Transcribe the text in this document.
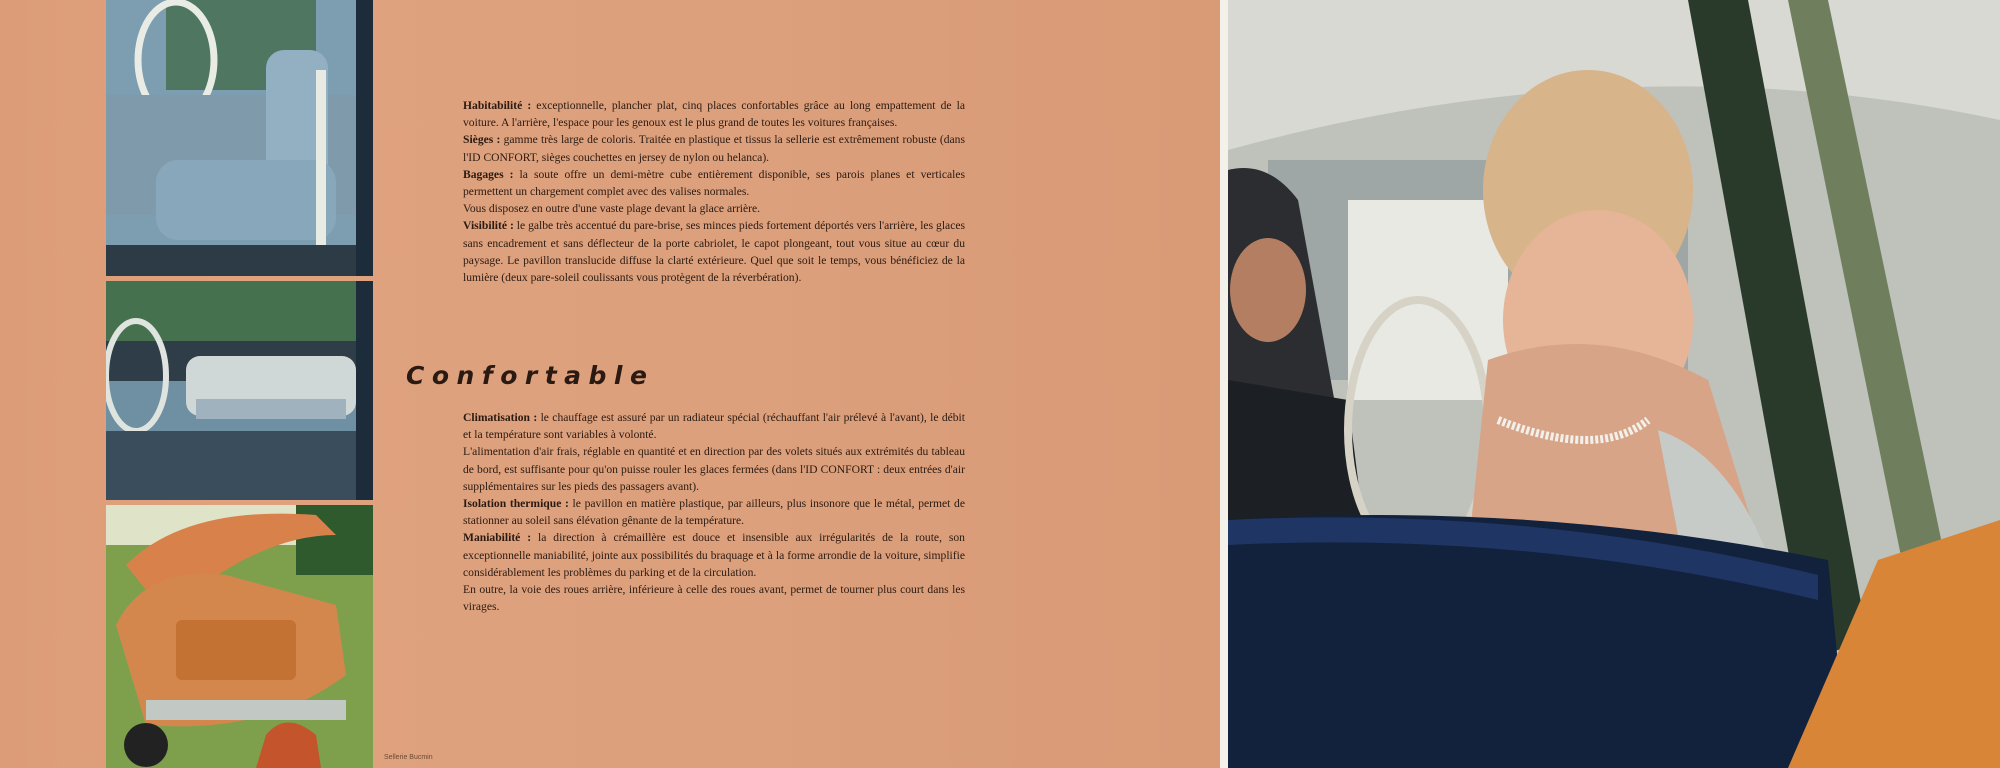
Sellerie Bucmin

Habitabilité : exceptionnelle, plancher plat, cinq places confortables grâce au long empattement de la voiture. A l'arrière, l'espace pour les genoux est le plus grand de toutes les voitures françaises.

Sièges : gamme très large de coloris. Traitée en plastique et tissus la sellerie est extrêmement robuste (dans l'ID CONFORT, sièges couchettes en jersey de nylon ou helanca).

Bagages : la soute offre un demi-mètre cube entièrement disponible, ses parois planes et verticales permettent un chargement complet avec des valises normales.

Vous disposez en outre d'une vaste plage devant la glace arrière.

Visibilité : le galbe très accentué du pare-brise, ses minces pieds fortement déportés vers l'arrière, les glaces sans encadrement et sans déflecteur de la porte cabriolet, le capot plongeant, tout vous situe au cœur du paysage. Le pavillon translucide diffuse la clarté extérieure. Quel que soit le temps, vous bénéficiez de la lumière (deux pare-soleil coulissants vous protègent de la réverbération).

Confortable

Climatisation : le chauffage est assuré par un radiateur spécial (réchauffant l'air prélevé à l'avant), le débit et la température sont variables à volonté.

L'alimentation d'air frais, réglable en quantité et en direction par des volets situés aux extrémités du tableau de bord, est suffisante pour qu'on puisse rouler les glaces fermées (dans l'ID CONFORT : deux entrées d'air supplémentaires sur les pieds des passagers avant).

Isolation thermique : le pavillon en matière plastique, par ailleurs, plus insonore que le métal, permet de stationner au soleil sans élévation gênante de la température.

Maniabilité : la direction à crémaillère est douce et insensible aux irrégularités de la route, son exceptionnelle maniabilité, jointe aux possibilités du braquage et à la forme arrondie de la voiture, simplifie considérablement les problèmes du parking et de la circulation.

En outre, la voie des roues arrière, inférieure à celle des roues avant, permet de tourner plus court dans les virages.
